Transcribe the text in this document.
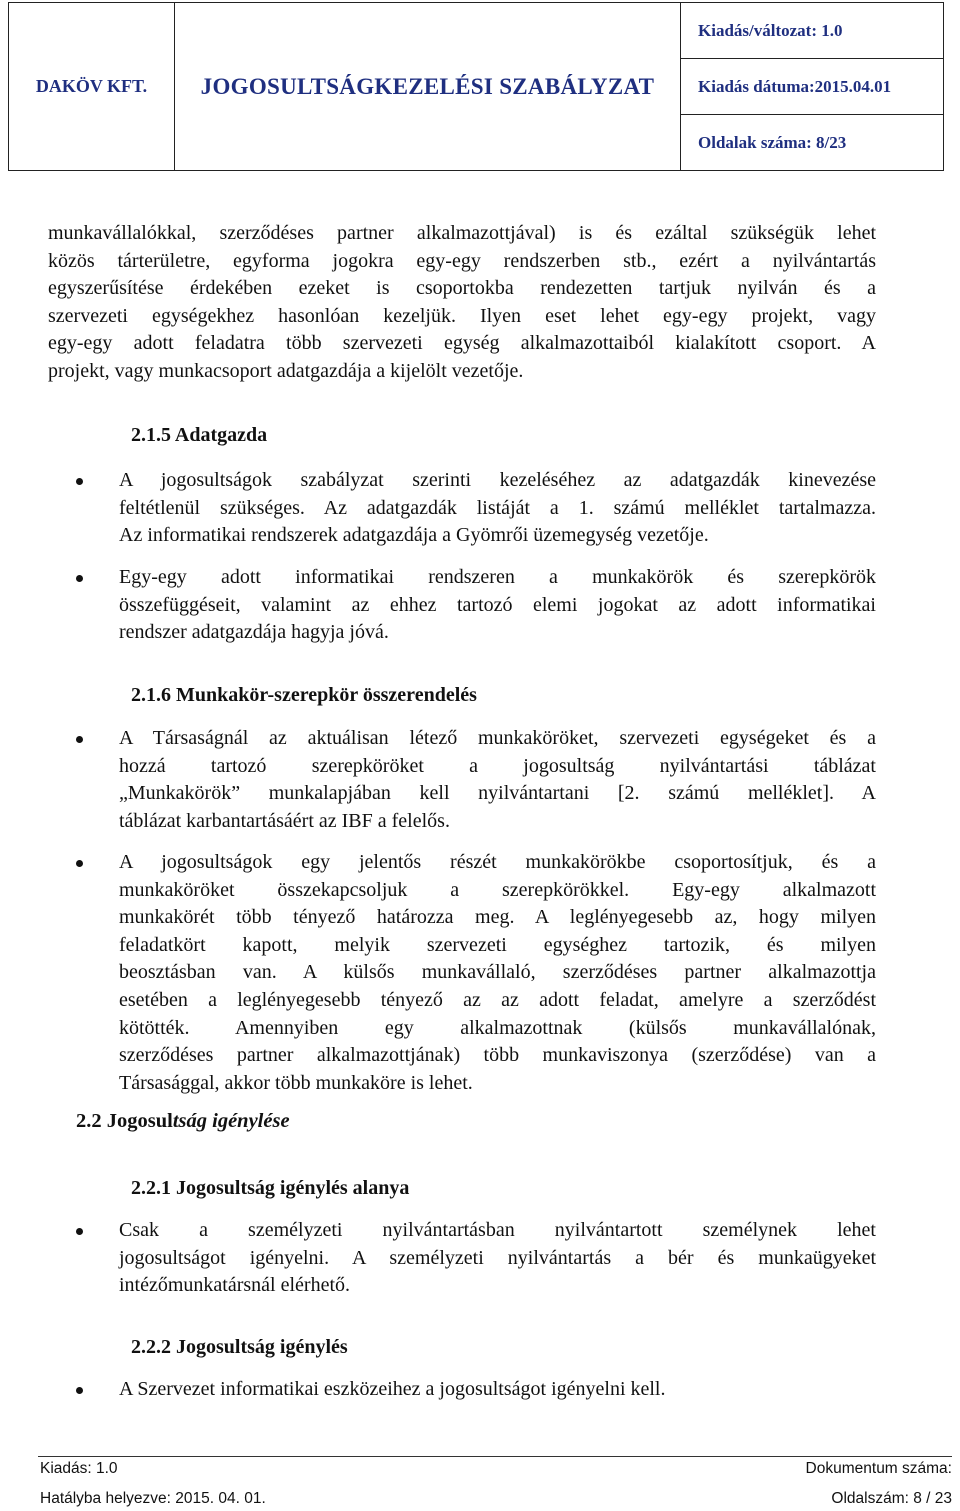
DAKÖV KFT.	JOGOSULTSÁGKEZELÉSI SZABÁLYZAT	Kiadás/változat: 1.0
Kiadás dátuma:2015.04.01
Oldalak száma: 8/23
munkavállalókkal, szerződéses partner alkalmazottjával) is és ezáltal szükségük lehet
közös tárterületre, egyforma jogokra egy-egy rendszerben stb., ezért a nyilvántartás
egyszerűsítése érdekében ezeket is csoportokba rendezetten tartjuk nyilván és a
szervezeti egységekhez hasonlóan kezeljük. Ilyen eset lehet egy-egy projekt, vagy
egy-egy adott feladatra több szervezeti egység alkalmazottaiból kialakított csoport. A
projekt, vagy munkacsoport adatgazdája a kijelölt vezetője.
2.1.5 Adatgazda
A jogosultságok szabályzat szerinti kezeléséhez az adatgazdák kinevezése
feltétlenül szükséges. Az adatgazdák listáját a 1. számú melléklet tartalmazza.
Az informatikai rendszerek adatgazdája a Gyömrői üzemegység vezetője.
Egy-egy adott informatikai rendszeren a munkakörök és szerepkörök
összefüggéseit, valamint az ehhez tartozó elemi jogokat az adott informatikai
rendszer adatgazdája hagyja jóvá.
2.1.6 Munkakör-szerepkör összerendelés
A Társaságnál az aktuálisan létező munkaköröket, szervezeti egységeket és a
hozzá tartozó szerepköröket a jogosultság nyilvántartási táblázat
„Munkakörök” munkalapjában kell nyilvántartani [2. számú melléklet]. A
táblázat karbantartásáért az IBF a felelős.
A jogosultságok egy jelentős részét munkakörökbe csoportosítjuk, és a
munkaköröket összekapcsoljuk a szerepkörökkel. Egy-egy alkalmazott
munkakörét több tényező határozza meg. A leglényegesebb az, hogy milyen
feladatkört kapott, melyik szervezeti egységhez tartozik, és milyen
beosztásban van. A külsős munkavállaló, szerződéses partner alkalmazottja
esetében a leglényegesebb tényező az az adott feladat, amelyre a szerződést
kötötték. Amennyiben egy alkalmazottnak (külsős munkavállalónak,
szerződéses partner alkalmazottjának) több munkaviszonya (szerződése) van a
Társasággal, akkor több munkaköre is lehet.
2.2 Jogosultság igénylése
2.2.1 Jogosultság igénylés alanya
Csak a személyzeti nyilvántartásban nyilvántartott személynek lehet
jogosultságot igényelni. A személyzeti nyilvántartás a bér és munkaügyeket
intézőmunkatársnál elérhető.
2.2.2 Jogosultság igénylés
A Szervezet informatikai eszközeihez a jogosultságot igényelni kell.
Kiadás: 1.0	Dokumentum száma:
Hatályba helyezve: 2015. 04. 01.	Oldalszám: 8 / 23
